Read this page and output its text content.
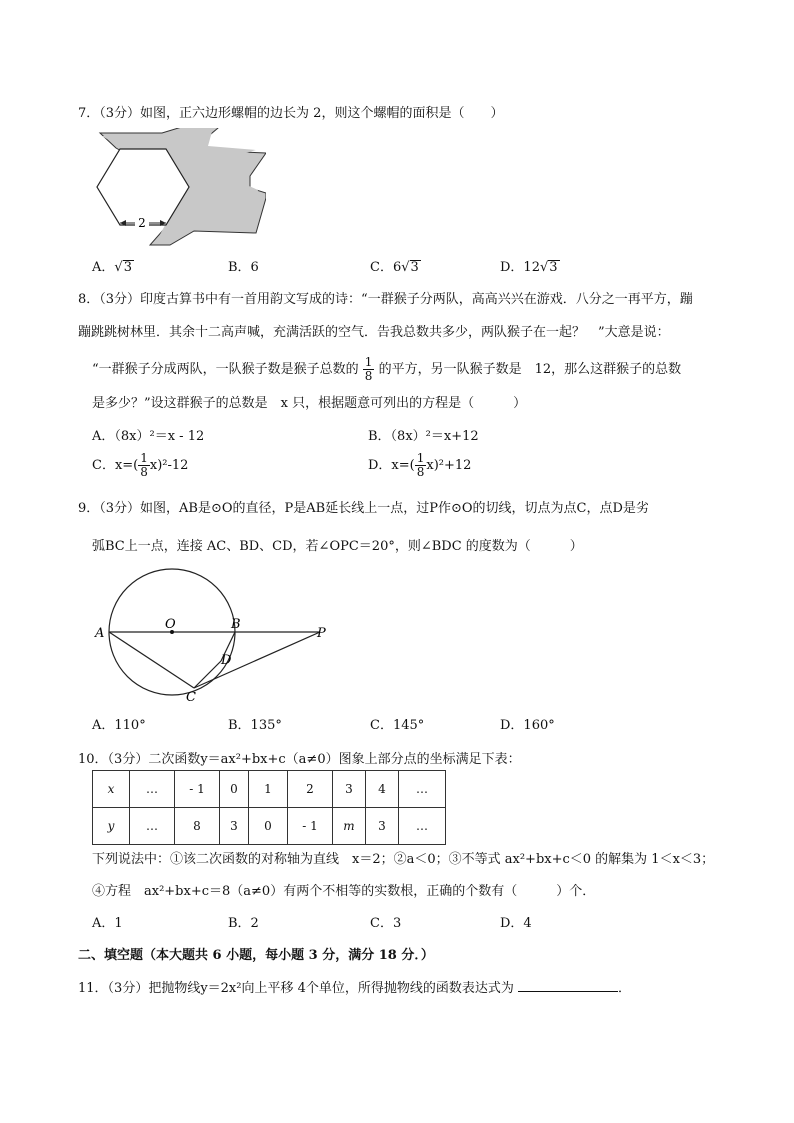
7．（3分）如图，正六边形螺帽的边长为 2，则这个螺帽的面积是（　　）
2
A．√3	B．6	C．6√3	D．12√3
8．（3分）印度古算书中有一首用韵文写成的诗：“一群猴子分两队，高高兴兴在游戏．八分之一再平方，蹦
蹦跳跳树林里．其余十二高声喊，充满活跃的空气．告我总数共多少，两队猴子在一起？　”大意是说：
“一群猴子分成两队，一队猴子数是猴子总数的 $\frac{1}{8}$ 的平方，另一队猴子数是　12，那么这群猴子的总数
是多少？”设这群猴子的总数是　x 只，根据题意可列出的方程是（　　　）
A．（8x）²＝x - 12	B．（8x）²＝x+12
C．$x=( \frac{1}{8} x)^2-12$	D．$x=( \frac{1}{8} x)^2+12$
9．（3分）如图，AB是⊙O的直径，P是AB延长线上一点，过P作⊙O的切线，切点为点C，点D是劣
弧BC上一点，连接 AC、BD、CD，若∠OPC＝20°，则∠BDC 的度数为（　　　）
A
O	B
P
D
C
A．110°	B．135°	C．145°	D．160°
10．（3分）二次函数y＝ax²+bx+c（a≠0）图象上部分点的坐标满足下表：
x	…	- 1	0	1	2	3	4	…
y	…	8	3	0	- 1	m	3	…
下列说法中：①该二次函数的对称轴为直线　x＝2；②a＜0；③不等式 ax²+bx+c＜0 的解集为 1＜x＜3；
④方程　ax²+bx+c＝8（a≠0）有两个不相等的实数根，正确的个数有（　　　）个．
A．1	B．2	C．3	D．4
二、填空题（本大题共 6 小题，每小题 3 分，满分 18 分．）
11．（3分）把抛物线y＝2x²向上平移 4个单位，所得抛物线的函数表达式为	．
